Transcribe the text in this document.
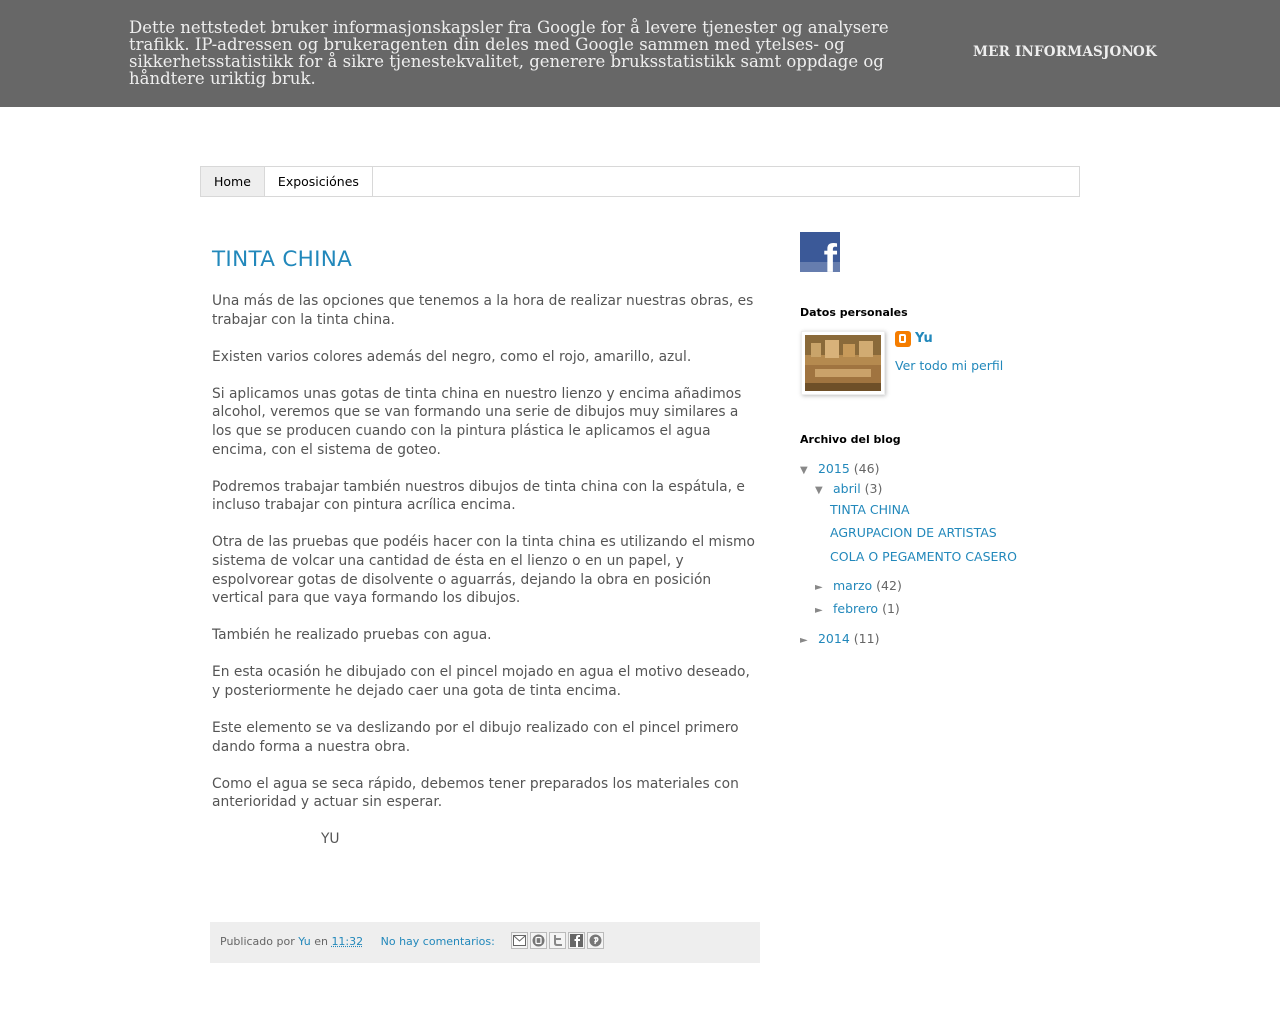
Dette nettstedet bruker informasjonskapsler fra Google for å levere tjenester og analysere trafikk. IP-adressen og brukeragenten din deles med Google sammen med ytelses- og sikkerhetsstatistikk for å sikre tjenestekvalitet, generere bruksstatistikk samt oppdage og håndtere uriktig bruk.

MER INFORMASJON
OK
Home	Exposiciónes
TINTA CHINA

Una más de las opciones que tenemos a la hora de realizar nuestras obras, es trabajar con la tinta china.

Existen varios colores además del negro, como el rojo, amarillo, azul.

Si aplicamos unas gotas de tinta china en nuestro lienzo y encima añadimos alcohol, veremos que se van formando una serie de dibujos muy similares a los que se producen cuando con la pintura plástica le aplicamos el agua encima, con el sistema de goteo.

Podremos trabajar también nuestros dibujos de tinta china con la espátula, e incluso trabajar con pintura acrílica encima.

Otra de las pruebas que podéis hacer con la tinta china es utilizando el mismo sistema de volcar una cantidad de ésta en el lienzo o en un papel, y espolvorear gotas de disolvente o aguarrás, dejando la obra en posición vertical para que vaya formando los dibujos.

También he realizado pruebas con agua.

En esta ocasión he dibujado con el pincel mojado en agua el motivo deseado, y posteriormente he dejado caer una gota de tinta encima.

Este elemento se va deslizando por el dibujo realizado con el pincel primero dando forma a nuestra obra.

Como el agua se seca rápido, debemos tener preparados los materiales con anterioridad y actuar sin esperar.

YU

Publicado por Yu en 11:32 No hay comentarios:
f
Datos personales
Yu
Ver todo mi perfil
Archivo del blog
▼ 2015 (46)
▼ abril (3)
TINTA CHINA
AGRUPACION DE ARTISTAS
COLA O PEGAMENTO CASERO
► marzo (42)
► febrero (1)
► 2014 (11)
